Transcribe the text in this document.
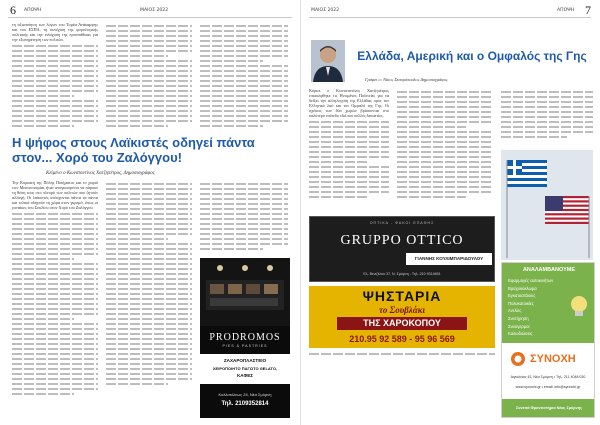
6 ΑΠΟΨΗ	ΜΑΙΟΣ 2022
τη αξιοποίηση των λόγων του Τομέα Ανάκαμψης και του ΕΣΠΑ, τη συνέχιση της φορολογικής πολιτικής και την ενίσχυση της προσπάθειας για την εξυπηρέτηση των πολιτών.
Η ψήφος στους Λαϊκιστές οδηγεί πάντα στον... Χορό του Ζαλόγγου!
Κείμενο ο Κωνσταντίνος Χατζηπέτρος, Δημοσιογράφος
Την Κυριακή της Πόλης Ποιήματος και το χωριό των Μεσοποταμίας ήταν αναγκασμένοι να πάρουν τη θέση τους στο πλευρό των πολιτών που ζητούν αλλαγή. Οι λαϊκιστές υπόσχονται πάντα τα πάντα και τελικά οδηγούν τη χώρα στον γκρεμό, όπως οι γυναίκες του Σουλίου στον Χορό του Ζαλόγγου.
PRODROMOS
PIES & PASTRIES
ΖΑΧΑΡΟΠΛΑΣΤΕΙΟ
ΧΕΙΡΟΠΟΙΗΤΟ ΠΑΓΩΤΟ GELATO,
ΚΑΦΕΣ
Καλλιπόλεως 24, Νέα Σμύρνη
Τηλ. 2109352814
ΜΑΙΟΣ 2022	ΑΠΟΨΗ 7
Ελλάδα, Αμερική και ο Ομφαλός της Γης
Γράφει ο: Νίκος Σταυρόπουλος Δημοσιογράφος
Κύριοι ο Κωνσταντίνος Χατζηπέτρος επισκέφθηκε τις Ηνωμένες Πολιτείες για να δείξει την αλληλεγγύη της Ελλάδας προς τον Ελληνικό λαό και τον Ομφαλό της Γης. Οι σχέσεις των δύο χωρών βρίσκονται στο καλύτερο επίπεδο εδώ και πολλές δεκαετίες.
ΟΠΤΙΚΑ - ΦΑΚΟΙ ΕΠΑΦΗΣ
GRUPPO OTTICO
ΓΙΑΝΝΗΣ ΚΟΥΛΙΜΠΑΡΙΔΟΥΛΟΥ
Ελ. Βενιζέλου 37, Ν. Σμύρνη - Τηλ. 210 9314651
ΨΗΣΤΑΡΙΑ
το Σουβλάκι
ΤΗΣ ΧΑΡΟΚΟΠΟΥ
210.95 92 589 - 95 96 569
ΑΝΑΛΑΜΒΑΝΟΥΜΕ
Εφαρμογές αυτοκινήτων
Βραχυκύκλωμα
Εγκαταστάσεις
Πολυκατοικίες
Αντλίες
Συντήρηση
Συναγερμοί
Καλωδιώσεις
ΣΥΝΟΧΗ
Αιγιαλείας 43, Νέα Σμύρνη • Τηλ. 211 4048 030
www.synochi.gr • email: info@synochi.gr
Συνεπά Φροντιστήρια Νέας Σμύρνης
